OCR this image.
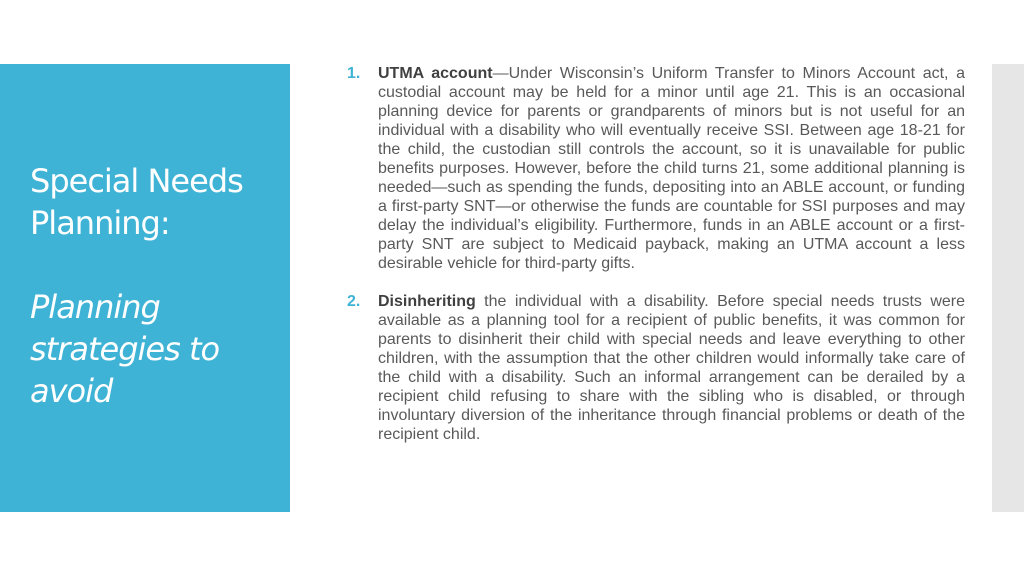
Special Needs Planning:
Planning strategies to avoid

1. UTMA account—Under Wisconsin’s Uniform Transfer to Minors Account act, a custodial account may be held for a minor until age 21. This is an occasional planning device for parents or grandparents of minors but is not useful for an individual with a disability who will eventually receive SSI. Between age 18-21 for the child, the custodian still controls the account, so it is unavailable for public benefits purposes. However, before the child turns 21, some additional planning is needed—such as spending the funds, depositing into an ABLE account, or funding a first-party SNT—or otherwise the funds are countable for SSI purposes and may delay the individual’s eligibility. Furthermore, funds in an ABLE account or a first-party SNT are subject to Medicaid payback, making an UTMA account a less desirable vehicle for third-party gifts.

2. Disinheriting the individual with a disability. Before special needs trusts were available as a planning tool for a recipient of public benefits, it was common for parents to disinherit their child with special needs and leave everything to other children, with the assumption that the other children would informally take care of the child with a disability. Such an informal arrangement can be derailed by a recipient child refusing to share with the sibling who is disabled, or through involuntary diversion of the inheritance through financial problems or death of the recipient child.
